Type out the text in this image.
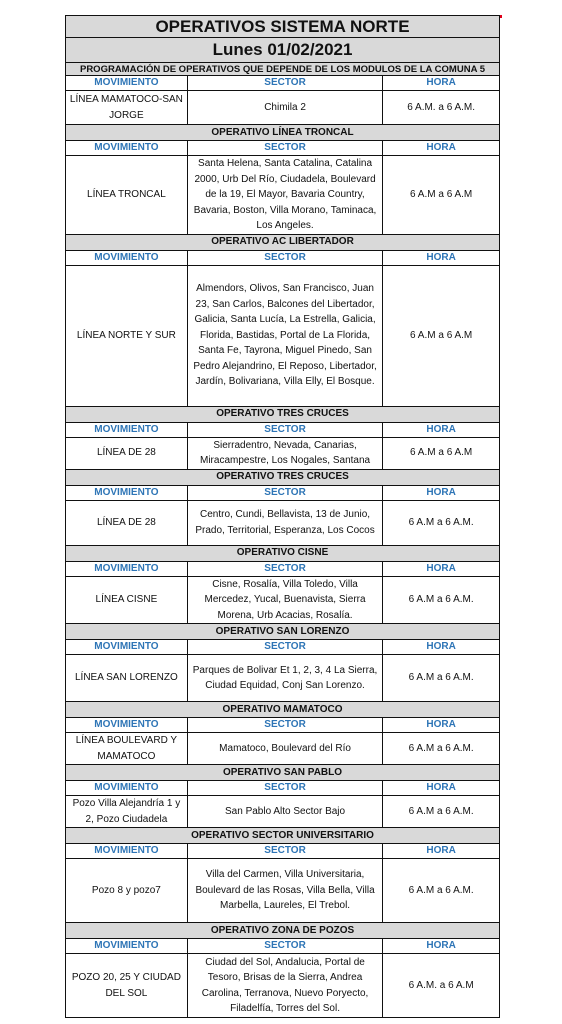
OPERATIVOS SISTEMA NORTE		
Lunes 01/02/2021		
PROGRAMACIÓN DE OPERATIVOS QUE DEPENDE DE LOS MODULOS DE LA COMUNA 5		
MOVIMIENTO	SECTOR	HORA
LÍNEA MAMATOCO-SAN JORGE	Chimila 2	6 A.M. a 6 A.M.
OPERATIVO LÍNEA TRONCAL		
MOVIMIENTO	SECTOR	HORA
LÍNEA TRONCAL	Santa Helena, Santa Catalina, Catalina 2000, Urb Del Río, Ciudadela, Boulevard de la 19, El Mayor, Bavaria Country, Bavaria, Boston, Villa Morano, Taminaca, Los Angeles.	6 A.M a 6 A.M
OPERATIVO AC LIBERTADOR		
MOVIMIENTO	SECTOR	HORA
LÍNEA NORTE Y SUR	Almendors, Olivos, San Francisco, Juan 23, San Carlos, Balcones del Libertador, Galicia, Santa Lucía, La Estrella, Galicia, Florida, Bastidas, Portal de La Florida, Santa Fe, Tayrona, Miguel Pinedo, San Pedro Alejandrino, El Reposo, Libertador, Jardín, Bolivariana, Villa Elly, El Bosque.	6 A.M a 6 A.M
OPERATIVO TRES CRUCES		
MOVIMIENTO	SECTOR	HORA
LÍNEA DE 28	Sierradentro, Nevada, Canarias, Miracampestre, Los Nogales, Santana	6 A.M a 6 A.M
OPERATIVO TRES CRUCES		
MOVIMIENTO	SECTOR	HORA
LÍNEA DE 28	Centro, Cundi, Bellavista, 13 de Junio, Prado, Territorial, Esperanza, Los Cocos	6 A.M a 6 A.M.
OPERATIVO CISNE		
MOVIMIENTO	SECTOR	HORA
LÍNEA CISNE	Cisne, Rosalía, Villa Toledo, Villa Mercedez, Yucal, Buenavista, Sierra Morena, Urb Acacias, Rosalía.	6 A.M a 6 A.M.
OPERATIVO SAN LORENZO		
MOVIMIENTO	SECTOR	HORA
LÍNEA SAN LORENZO	Parques de Bolivar Et 1, 2, 3, 4 La Sierra, Ciudad Equidad, Conj San Lorenzo.	6 A.M a 6 A.M.
OPERATIVO MAMATOCO		
MOVIMIENTO	SECTOR	HORA
LÍNEA BOULEVARD Y MAMATOCO	Mamatoco, Boulevard del Río	6 A.M a 6 A.M.
OPERATIVO SAN PABLO		
MOVIMIENTO	SECTOR	HORA
Pozo Villa Alejandría 1 y 2, Pozo Ciudadela	San Pablo Alto Sector Bajo	6 A.M a 6 A.M.
OPERATIVO SECTOR UNIVERSITARIO		
MOVIMIENTO	SECTOR	HORA
Pozo 8 y pozo7	Villa del Carmen, Villa Universitaria, Boulevard de las Rosas, Villa Bella, Villa Marbella, Laureles, El Trebol.	6 A.M a 6 A.M.
OPERATIVO ZONA DE POZOS		
MOVIMIENTO	SECTOR	HORA
POZO 20, 25 Y CIUDAD DEL SOL	Ciudad del Sol, Andalucia, Portal de Tesoro, Brisas de la Sierra, Andrea Carolina, Terranova, Nuevo Poryecto, Filadelfía, Torres del Sol.	6 A.M. a 6 A.M
